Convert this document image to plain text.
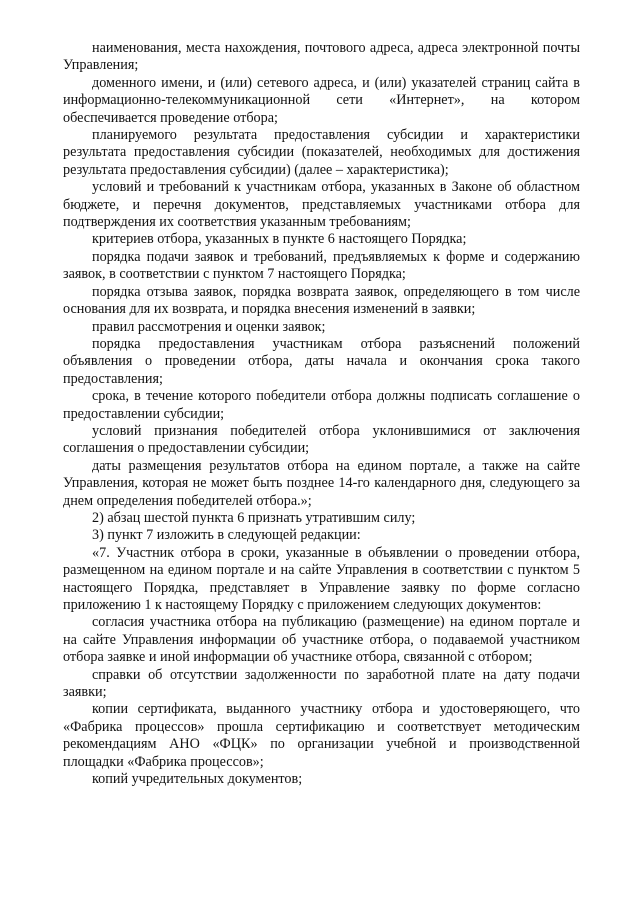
наименования, места нахождения, почтового адреса, адреса электронной почты Управления;

доменного имени, и (или) сетевого адреса, и (или) указателей страниц сайта в информационно-телекоммуникационной сети «Интернет», на котором обеспечивается проведение отбора;

планируемого результата предоставления субсидии и характеристики результата предоставления субсидии (показателей, необходимых для достижения результата предоставления субсидии) (далее – характеристика);

условий и требований к участникам отбора, указанных в Законе об областном бюджете, и перечня документов, представляемых участниками отбора для подтверждения их соответствия указанным требованиям;

критериев отбора, указанных в пункте 6 настоящего Порядка;

порядка подачи заявок и требований, предъявляемых к форме и содержанию заявок, в соответствии с пунктом 7 настоящего Порядка;

порядка отзыва заявок, порядка возврата заявок, определяющего в том числе основания для их возврата, и порядка внесения изменений в заявки;

правил рассмотрения и оценки заявок;

порядка предоставления участникам отбора разъяснений положений объявления о проведении отбора, даты начала и окончания срока такого предоставления;

срока, в течение которого победители отбора должны подписать соглашение о предоставлении субсидии;

условий признания победителей отбора уклонившимися от заключения соглашения о предоставлении субсидии;

даты размещения результатов отбора на едином портале, а также на сайте Управления, которая не может быть позднее 14-го календарного дня, следующего за днем определения победителей отбора.»;

2) абзац шестой пункта 6 признать утратившим силу;

3) пункт 7 изложить в следующей редакции:

«7. Участник отбора в сроки, указанные в объявлении о проведении отбора, размещенном на едином портале и на сайте Управления в соответствии с пунктом 5 настоящего Порядка, представляет в Управление заявку по форме согласно приложению 1 к настоящему Порядку с приложением следующих документов:

согласия участника отбора на публикацию (размещение) на едином портале и на сайте Управления информации об участнике отбора, о подаваемой участником отбора заявке и иной информации об участнике отбора, связанной с отбором;

справки об отсутствии задолженности по заработной плате на дату подачи заявки;

копии сертификата, выданного участнику отбора и удостоверяющего, что «Фабрика процессов» прошла сертификацию и соответствует методическим рекомендациям АНО «ФЦК» по организации учебной и производственной площадки «Фабрика процессов»;

копий учредительных документов;
